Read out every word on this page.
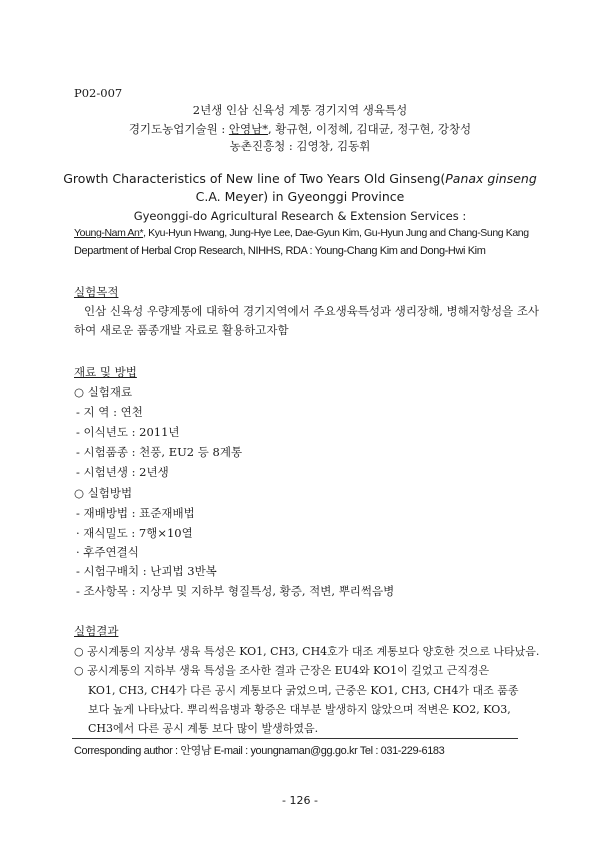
P02-007
2년생 인삼 신육성 계통 경기지역 생육특성
경기도농업기술원 : 안영남*, 황규현, 이정혜, 김대균, 정구현, 강창성
농촌진흥청 : 김영창, 김동휘
Growth Characteristics of New line of Two Years Old Ginseng(Panax ginseng
C.A. Meyer) in Gyeonggi Province
Gyeonggi-do Agricultural Research & Extension Services :
Young-Nam An*, Kyu-Hyun Hwang, Jung-Hye Lee, Dae-Gyun Kim, Gu-Hyun Jung and Chang-Sung Kang
Department of Herbal Crop Research, NIHHS, RDA : Young-Chang Kim and Dong-Hwi Kim
실험목적
인삼 신육성 우량계통에 대하여 경기지역에서 주요생육특성과 생리장해, 병해저항성을 조사
하여 새로운 품종개발 자료로 활용하고자함
재료 및 방법
○ 실험재료
- 지 역 : 연천
- 이식년도 : 2011년
- 시험품종 : 천풍, EU2 등 8계통
- 시험년생 : 2년생
○ 실험방법
- 재배방법 : 표준재배법
· 재식밀도 : 7행×10열
· 후주연결식
- 시험구배치 : 난괴법 3반복
- 조사항목 : 지상부 및 지하부 형질특성, 황증, 적변, 뿌리썩음병
실험결과
○ 공시계통의 지상부 생육 특성은 KO1, CH3, CH4호가 대조 계통보다 양호한 것으로 나타났음.
○ 공시계통의 지하부 생육 특성을 조사한 결과 근장은 EU4와 KO1이 길었고 근직경은
KO1, CH3, CH4가 다른 공시 계통보다 굵었으며, 근중은 KO1, CH3, CH4가 대조 품종
보다 높게 나타났다. 뿌리썩음병과 황증은 대부분 발생하지 않았으며 적변은 KO2, KO3,
CH3에서 다른 공시 계통 보다 많이 발생하였음.
Corresponding author : 안영남 E-mail : youngnaman@gg.go.kr Tel : 031-229-6183
- 126 -
